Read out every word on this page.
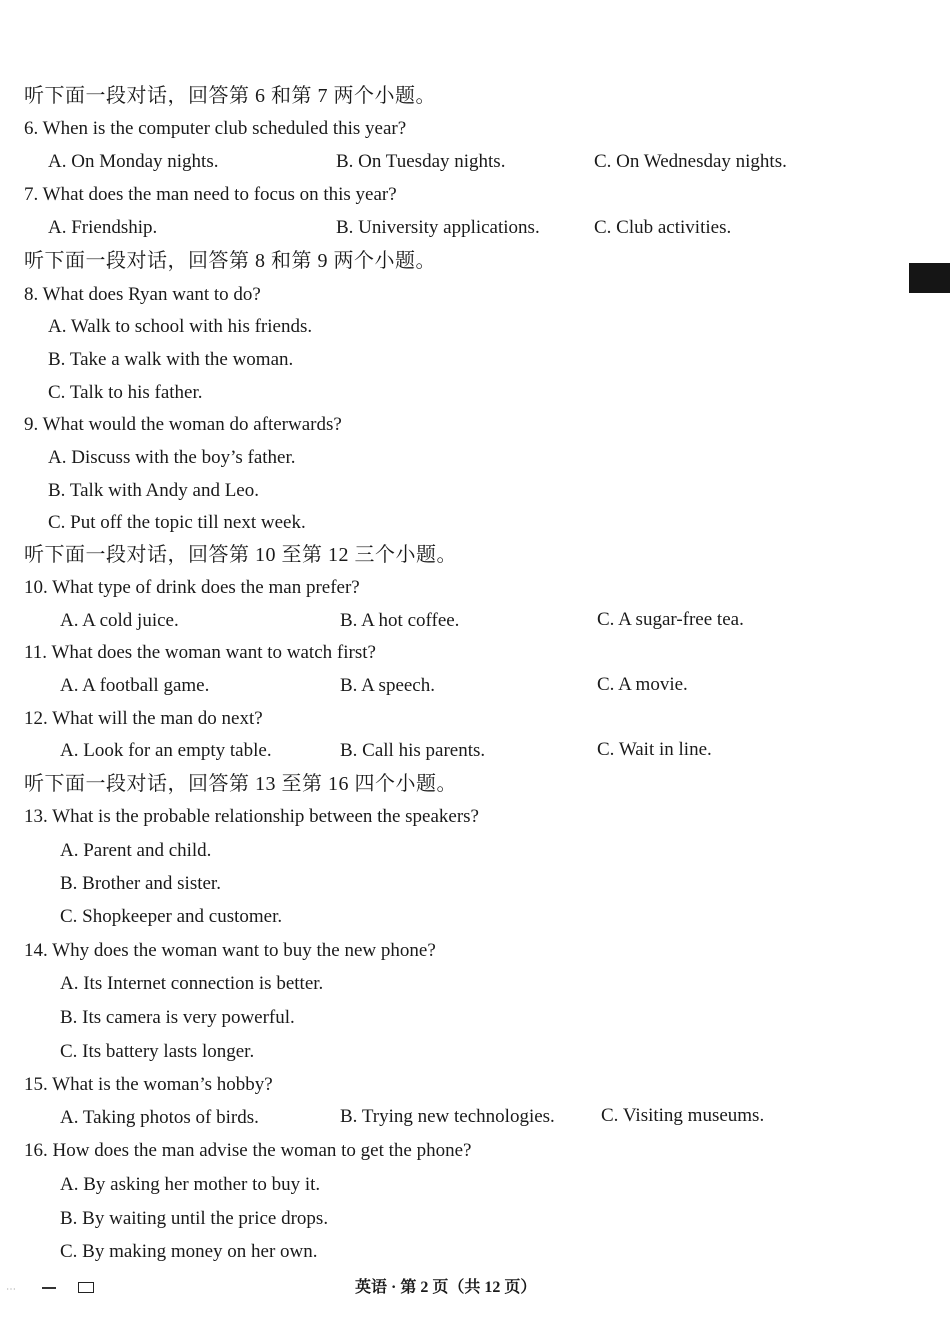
听下面一段对话，回答第 6 和第 7 两个小题。
6. When is the computer club scheduled this year?
A. On Monday nights.	B. On Tuesday nights.	C. On Wednesday nights.
7. What does the man need to focus on this year?
A. Friendship.	B. University applications.	C. Club activities.
听下面一段对话，回答第 8 和第 9 两个小题。
8. What does Ryan want to do?
A. Walk to school with his friends.
B. Take a walk with the woman.
C. Talk to his father.
9. What would the woman do afterwards?
A. Discuss with the boy’s father.
B. Talk with Andy and Leo.
C. Put off the topic till next week.
听下面一段对话，回答第 10 至第 12 三个小题。
10. What type of drink does the man prefer?
A. A cold juice.	B. A hot coffee.	C. A sugar-free tea.
11. What does the woman want to watch first?
A. A football game.	B. A speech.	C. A movie.
12. What will the man do next?
A. Look for an empty table.	B. Call his parents.	C. Wait in line.
听下面一段对话，回答第 13 至第 16 四个小题。
13. What is the probable relationship between the speakers?
A. Parent and child.
B. Brother and sister.
C. Shopkeeper and customer.
14. Why does the woman want to buy the new phone?
A. Its Internet connection is better.
B. Its camera is very powerful.
C. Its battery lasts longer.
15. What is the woman’s hobby?
A. Taking photos of birds.	B. Trying new technologies. C. Visiting museums.
16. How does the man advise the woman to get the phone?
A. By asking her mother to buy it.
B. By waiting until the price drops.
C. By making money on her own.
⋯	英语 · 第 2 页（共 12 页）
